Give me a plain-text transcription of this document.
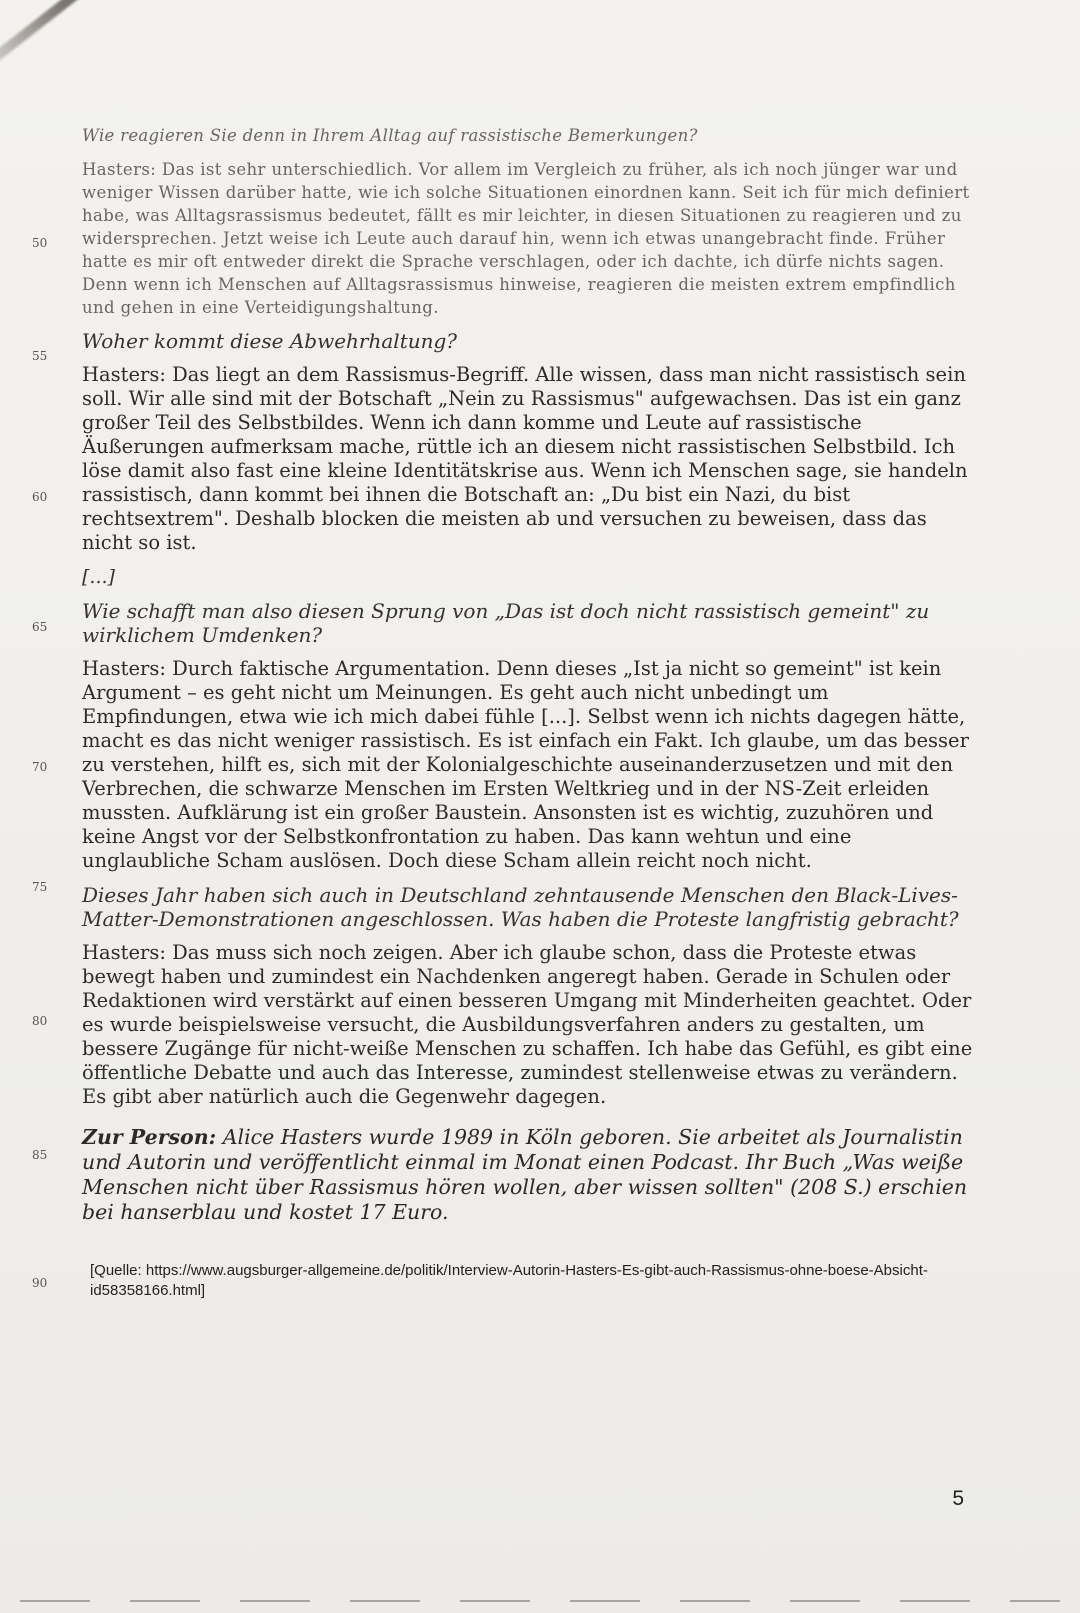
50
55
60
65
70
75
80
85
90

Wie reagieren Sie denn in Ihrem Alltag auf rassistische Bemerkungen?

Hasters: Das ist sehr unterschiedlich. Vor allem im Vergleich zu früher, als ich noch jünger war und weniger Wissen darüber hatte, wie ich solche Situationen einordnen kann. Seit ich für mich definiert habe, was Alltagsrassismus bedeutet, fällt es mir leichter, in diesen Situationen zu reagieren und zu widersprechen. Jetzt weise ich Leute auch darauf hin, wenn ich etwas unangebracht finde. Früher hatte es mir oft entweder direkt die Sprache verschlagen, oder ich dachte, ich dürfe nichts sagen. Denn wenn ich Menschen auf Alltagsrassismus hinweise, reagieren die meisten extrem empfindlich und gehen in eine Verteidigungshaltung.

Woher kommt diese Abwehrhaltung?

Hasters: Das liegt an dem Rassismus-Begriff. Alle wissen, dass man nicht rassistisch sein soll. Wir alle sind mit der Botschaft „Nein zu Rassismus" aufgewachsen. Das ist ein ganz großer Teil des Selbstbildes. Wenn ich dann komme und Leute auf rassistische Äußerungen aufmerksam mache, rüttle ich an diesem nicht rassistischen Selbstbild. Ich löse damit also fast eine kleine Identitätskrise aus. Wenn ich Menschen sage, sie handeln rassistisch, dann kommt bei ihnen die Botschaft an: „Du bist ein Nazi, du bist rechtsextrem". Deshalb blocken die meisten ab und versuchen zu beweisen, dass das nicht so ist.

[...]

Wie schafft man also diesen Sprung von „Das ist doch nicht rassistisch gemeint" zu wirklichem Umdenken?

Hasters: Durch faktische Argumentation. Denn dieses „Ist ja nicht so gemeint" ist kein Argument – es geht nicht um Meinungen. Es geht auch nicht unbedingt um Empfindungen, etwa wie ich mich dabei fühle [...]. Selbst wenn ich nichts dagegen hätte, macht es das nicht weniger rassistisch. Es ist einfach ein Fakt. Ich glaube, um das besser zu verstehen, hilft es, sich mit der Kolonialgeschichte auseinanderzusetzen und mit den Verbrechen, die schwarze Menschen im Ersten Weltkrieg und in der NS-Zeit erleiden mussten. Aufklärung ist ein großer Baustein. Ansonsten ist es wichtig, zuzuhören und keine Angst vor der Selbstkonfrontation zu haben. Das kann wehtun und eine unglaubliche Scham auslösen. Doch diese Scham allein reicht noch nicht.

Dieses Jahr haben sich auch in Deutschland zehntausende Menschen den Black-Lives-Matter-Demonstrationen angeschlossen. Was haben die Proteste langfristig gebracht?

Hasters: Das muss sich noch zeigen. Aber ich glaube schon, dass die Proteste etwas bewegt haben und zumindest ein Nachdenken angeregt haben. Gerade in Schulen oder Redaktionen wird verstärkt auf einen besseren Umgang mit Minderheiten geachtet. Oder es wurde beispielsweise versucht, die Ausbildungsverfahren anders zu gestalten, um bessere Zugänge für nicht-weiße Menschen zu schaffen. Ich habe das Gefühl, es gibt eine öffentliche Debatte und auch das Interesse, zumindest stellenweise etwas zu verändern. Es gibt aber natürlich auch die Gegenwehr dagegen.

Zur Person: Alice Hasters wurde 1989 in Köln geboren. Sie arbeitet als Journalistin und Autorin und veröffentlicht einmal im Monat einen Podcast. Ihr Buch „Was weiße Menschen nicht über Rassismus hören wollen, aber wissen sollten" (208 S.) erschien bei hanserblau und kostet 17 Euro.

[Quelle: https://www.augsburger-allgemeine.de/politik/Interview-Autorin-Hasters-Es-gibt-auch-Rassismus-ohne-boese-Absicht-id58358166.html]

5
